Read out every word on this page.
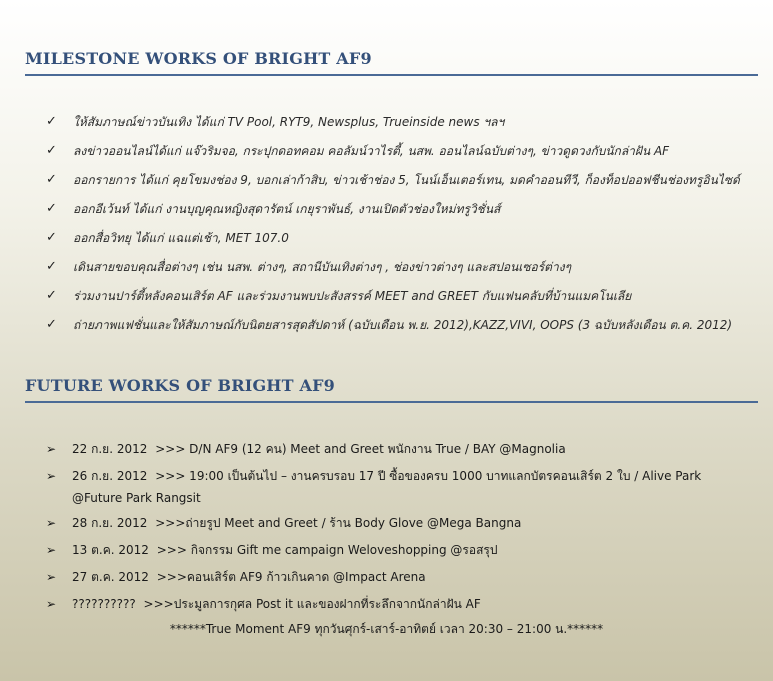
MILESTONE WORKS OF BRIGHT AF9
✓ ให้สัมภาษณ์ข่าวบันเทิง ได้แก่ TV Pool, RYT9, Newsplus, Trueinside news ฯลฯ
✓ ลงข่าวออนไลน์ได้แก่ แจ๊วริมจอ, กระปุกดอทคอม คอลัมน์วาไรตี้, นสพ. ออนไลน์ฉบับต่างๆ, ข่าวดูดวงกับนักล่าฝัน AF
✓ ออกรายการ ได้แก่ คุยโขมงช่อง 9, บอกเล่าก้าสิบ, ข่าวเช้าช่อง 5, โนน์เอ็นเตอร์เทน, มดคำออนทีวี, ก็องท็อปออฟชีนช่องทรูอินไซด์
✓ ออกอีเว้นท์ ได้แก่ งานบุญคุณหญิงสุดารัตน์ เกยุราพันธ์, งานเปิดตัวช่องใหม่ทรูวิชั่นส์
✓ ออกสื่อวิทยุ ได้แก่ แฉแต่เช้า, MET 107.0
✓ เดินสายขอบคุณสื่อต่างๆ เช่น นสพ. ต่างๆ, สถานีบันเทิงต่างๆ , ช่องข่าวต่างๆ และสปอนเซอร์ต่างๆ
✓ ร่วมงานปาร์ตี้หลังคอนเสิร์ต AF และร่วมงานพบปะสังสรรค์ MEET and GREET กับแฟนคลับที่บ้านแมคโนเลีย
✓ ถ่ายภาพแฟชั่นและให้สัมภาษณ์กับนิตยสารสุดสัปดาห์ (ฉบับเดือน พ.ย. 2012),KAZZ,VIVI, OOPS (3 ฉบับหลังเดือน ต.ค. 2012)
FUTURE WORKS OF BRIGHT AF9
➢ 22 ก.ย. 2012 >>> D/N AF9 (12 คน) Meet and Greet พนักงาน True / BAY @Magnolia
➢ 26 ก.ย. 2012 >>> 19:00 เป็นต้นไป – งานครบรอบ 17 ปี ซื้อของครบ 1000 บาทแลกบัตรคอนเสิร์ต 2 ใบ / Alive Park
@Future Park Rangsit
➢ 28 ก.ย. 2012 >>>ถ่ายรูป Meet and Greet / ร้าน Body Glove @Mega Bangna
➢ 13 ต.ค. 2012 >>> กิจกรรม Gift me campaign Weloveshopping @รอสรุป
➢ 27 ต.ค. 2012 >>>คอนเสิร์ต AF9 ก้าวเกินคาด @Impact Arena
➢ ?????????? >>>ประมูลการกุศล Post it และของฝากที่ระลึกจากนักล่าฝัน AF
******True Moment AF9 ทุกวันศุกร์-เสาร์-อาทิตย์ เวลา 20:30 – 21:00 น.******
